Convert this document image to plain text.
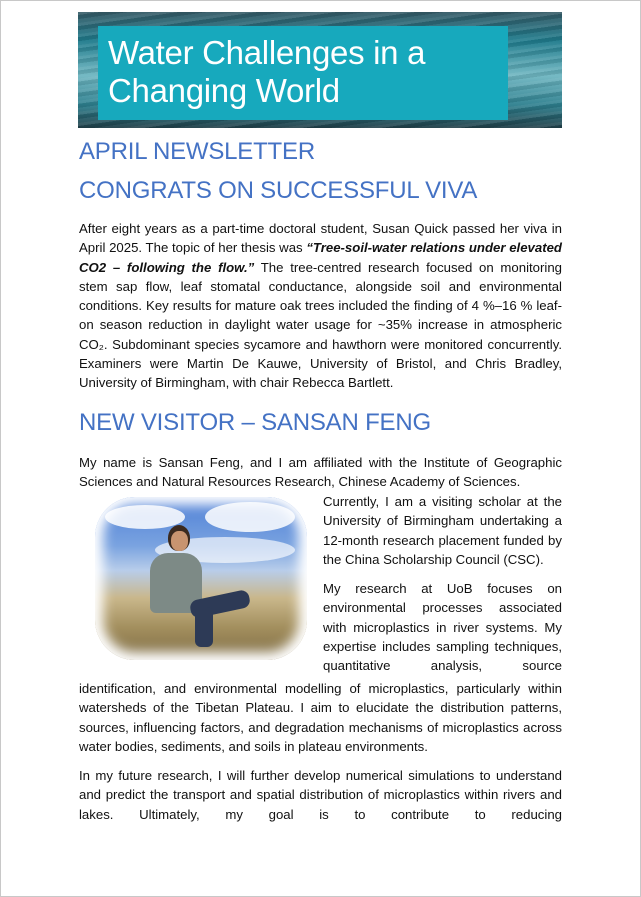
Water Challenges in a
Changing World
APRIL NEWSLETTER
CONGRATS ON SUCCESSFUL VIVA

After eight years as a part-time doctoral student, Susan Quick passed her viva in April 2025. The topic of her thesis was “Tree-soil-water relations under elevated CO2 – following the flow.” The tree-centred research focused on monitoring stem sap flow, leaf stomatal conductance, alongside soil and environmental conditions. Key results for mature oak trees included the finding of 4 %–16 % leaf-on season reduction in daylight water usage for ~35% increase in atmospheric CO₂. Subdominant species sycamore and hawthorn were monitored concurrently. Examiners were Martin De Kauwe, University of Bristol, and Chris Bradley, University of Birmingham, with chair Rebecca Bartlett.

NEW VISITOR – SANSAN FENG

My name is Sansan Feng, and I am affiliated with the Institute of Geographic Sciences and Natural Resources Research, Chinese Academy of Sciences.

Currently, I am a visiting scholar at the University of Birmingham undertaking a 12-month research placement funded by the China Scholarship Council (CSC).

My research at UoB focuses on environmental processes associated with microplastics in river systems. My expertise includes sampling techniques, quantitative analysis, source

identification, and environmental modelling of microplastics, particularly within watersheds of the Tibetan Plateau. I aim to elucidate the distribution patterns, sources, influencing factors, and degradation mechanisms of microplastics across water bodies, sediments, and soils in plateau environments.

In my future research, I will further develop numerical simulations to understand and predict the transport and spatial distribution of microplastics within rivers and lakes. Ultimately, my goal is to contribute to reducing
